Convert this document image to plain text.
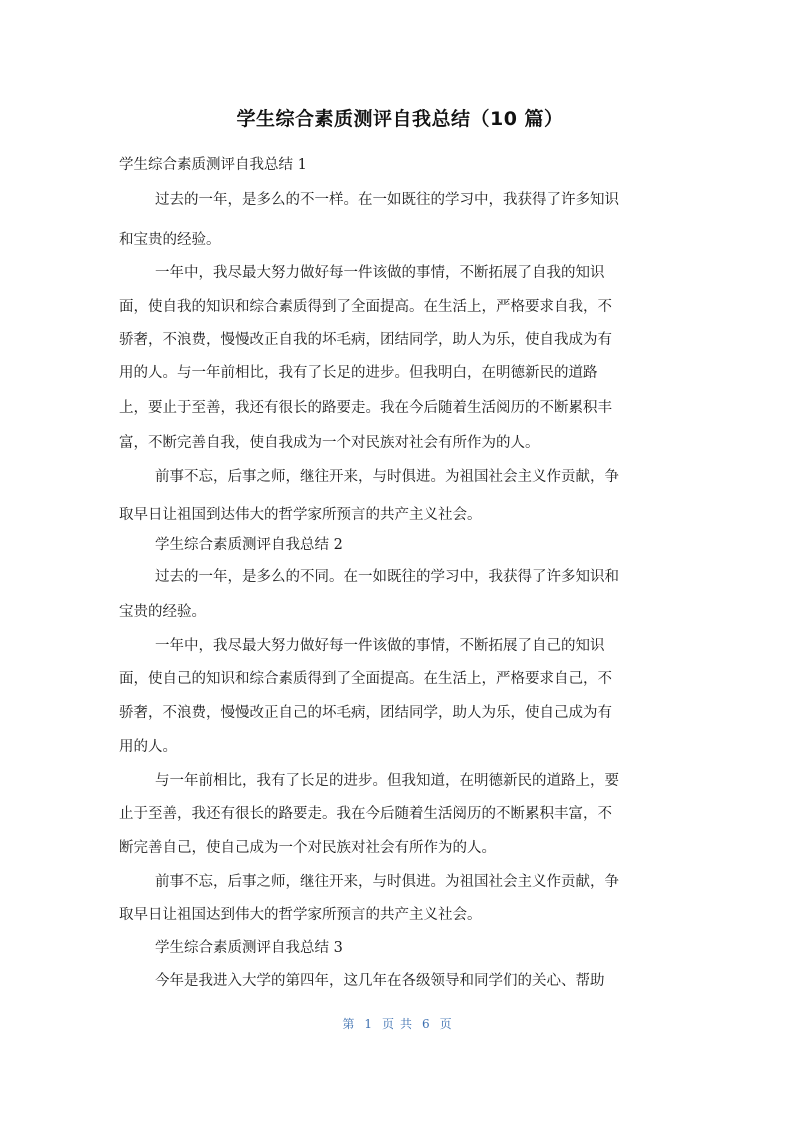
学生综合素质测评自我总结（10 篇）

学生综合素质测评自我总结 1

过去的一年，是多么的不一样。在一如既往的学习中，我获得了许多知识

和宝贵的经验。

一年中，我尽最大努力做好每一件该做的事情，不断拓展了自我的知识

面，使自我的知识和综合素质得到了全面提高。在生活上，严格要求自我，不

骄奢，不浪费，慢慢改正自我的坏毛病，团结同学，助人为乐，使自我成为有

用的人。与一年前相比，我有了长足的进步。但我明白，在明德新民的道路

上，要止于至善，我还有很长的路要走。我在今后随着生活阅历的不断累积丰

富，不断完善自我，使自我成为一个对民族对社会有所作为的人。

前事不忘，后事之师，继往开来，与时俱进。为祖国社会主义作贡献，争

取早日让祖国到达伟大的哲学家所预言的共产主义社会。

学生综合素质测评自我总结 2

过去的一年，是多么的不同。在一如既往的学习中，我获得了许多知识和

宝贵的经验。

一年中，我尽最大努力做好每一件该做的事情，不断拓展了自己的知识

面，使自己的知识和综合素质得到了全面提高。在生活上，严格要求自己，不

骄奢，不浪费，慢慢改正自己的坏毛病，团结同学，助人为乐，使自己成为有

用的人。

与一年前相比，我有了长足的进步。但我知道，在明德新民的道路上，要

止于至善，我还有很长的路要走。我在今后随着生活阅历的不断累积丰富，不

断完善自己，使自己成为一个对民族对社会有所作为的人。

前事不忘，后事之师，继往开来，与时俱进。为祖国社会主义作贡献，争

取早日让祖国达到伟大的哲学家所预言的共产主义社会。

学生综合素质测评自我总结 3

今年是我进入大学的第四年，这几年在各级领导和同学们的关心、帮助

第 1 页共 6 页
